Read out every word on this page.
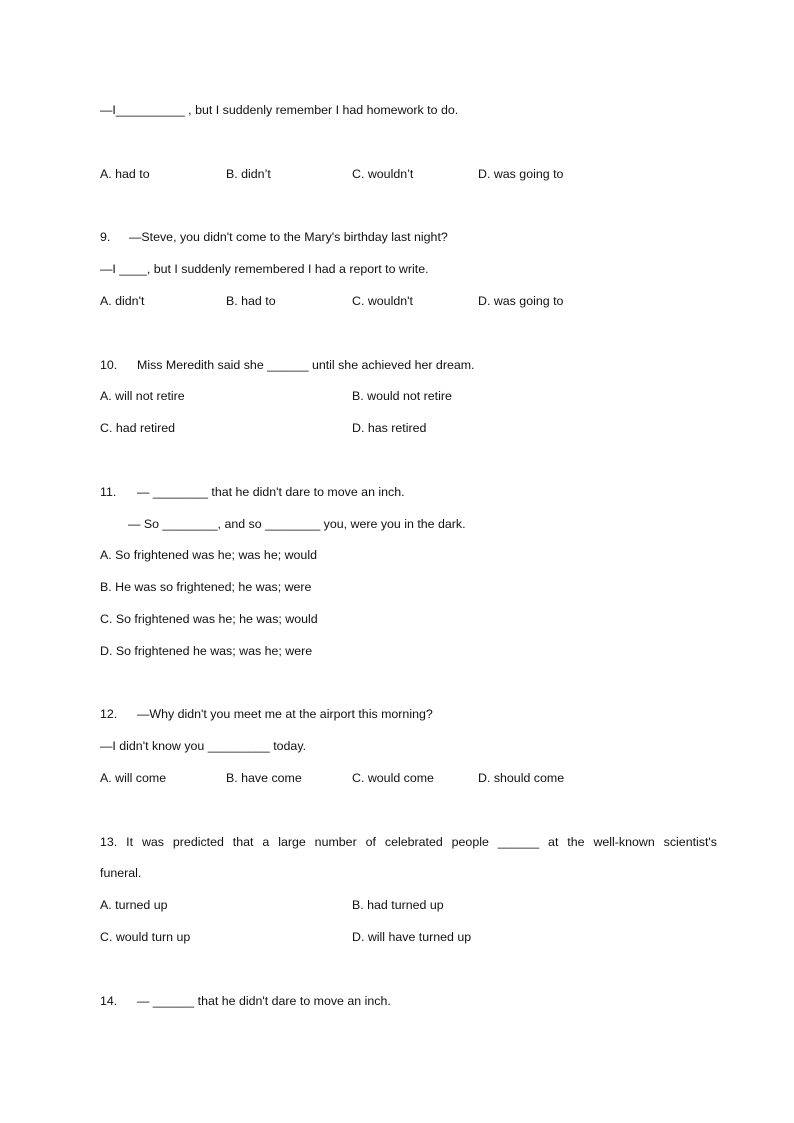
—I__________ , but I suddenly remember I had homework to do.
A. had to	B. didn’t	C. wouldn’t	D. was going to
9. —Steve, you didn't come to the Mary's birthday last night?
—I ____, but I suddenly remembered I had a report to write.
A. didn't	B. had to	C. wouldn't	D. was going to
10. Miss Meredith said she ______ until she achieved her dream.
A. will not retire	B. would not retire
C. had retired	D. has retired
11. — ________ that he didn't dare to move an inch.
— So ________, and so ________ you, were you in the dark.
A. So frightened was he; was he; would
B. He was so frightened; he was; were
C. So frightened was he; he was; would
D. So frightened he was; was he; were
12. —Why didn't you meet me at the airport this morning?
—I didn't know you _________ today.
A. will come	B. have come	C. would come	D. should come
13. It was predicted that a large number of celebrated people ______ at the well-known scientist's
funeral.
A. turned up	B. had turned up
C. would turn up	D. will have turned up
14. — ______ that he didn't dare to move an inch.
